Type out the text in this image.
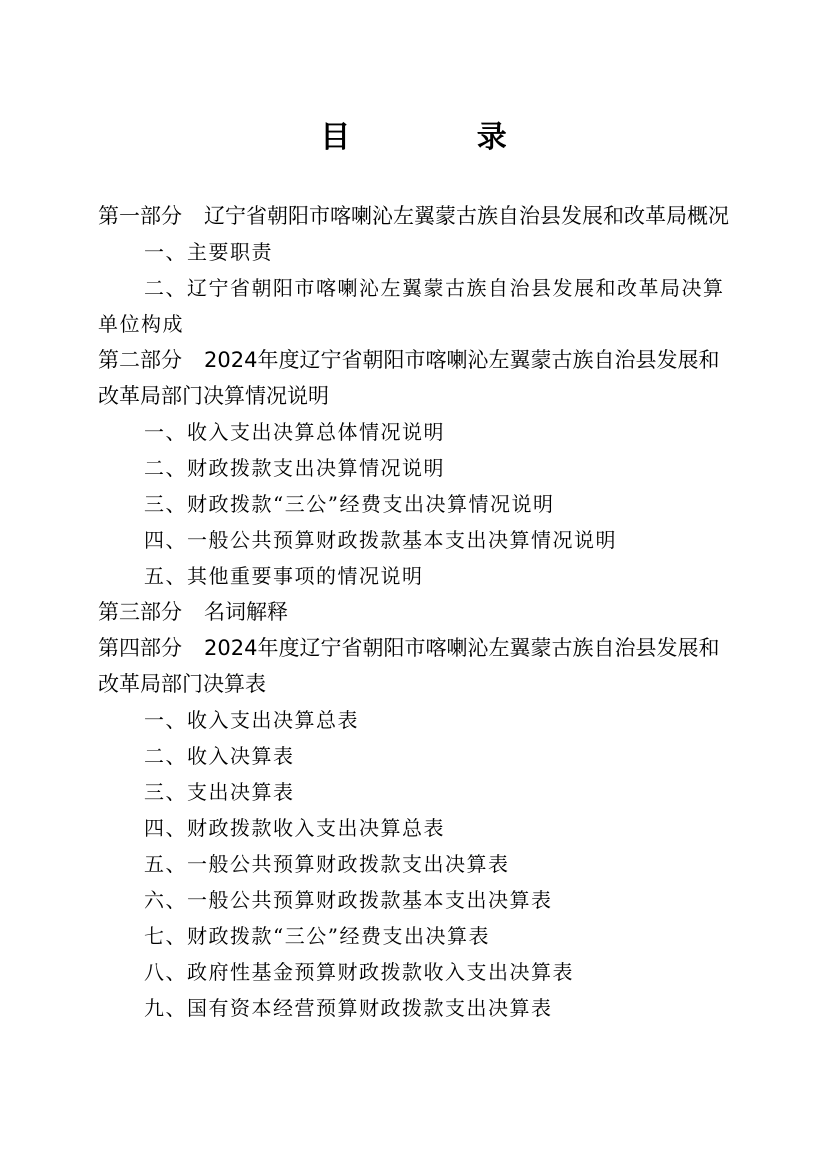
目 录

第一部分 辽宁省朝阳市喀喇沁左翼蒙古族自治县发展和改革局概况

一、主要职责

二、辽宁省朝阳市喀喇沁左翼蒙古族自治县发展和改革局决算单位构成

第二部分 2024年度辽宁省朝阳市喀喇沁左翼蒙古族自治县发展和改革局部门决算情况说明

一、收入支出决算总体情况说明

二、财政拨款支出决算情况说明

三、财政拨款“三公”经费支出决算情况说明

四、一般公共预算财政拨款基本支出决算情况说明

五、其他重要事项的情况说明

第三部分 名词解释

第四部分 2024年度辽宁省朝阳市喀喇沁左翼蒙古族自治县发展和改革局部门决算表

一、收入支出决算总表

二、收入决算表

三、支出决算表

四、财政拨款收入支出决算总表

五、一般公共预算财政拨款支出决算表

六、一般公共预算财政拨款基本支出决算表

七、财政拨款“三公”经费支出决算表

八、政府性基金预算财政拨款收入支出决算表

九、国有资本经营预算财政拨款支出决算表
